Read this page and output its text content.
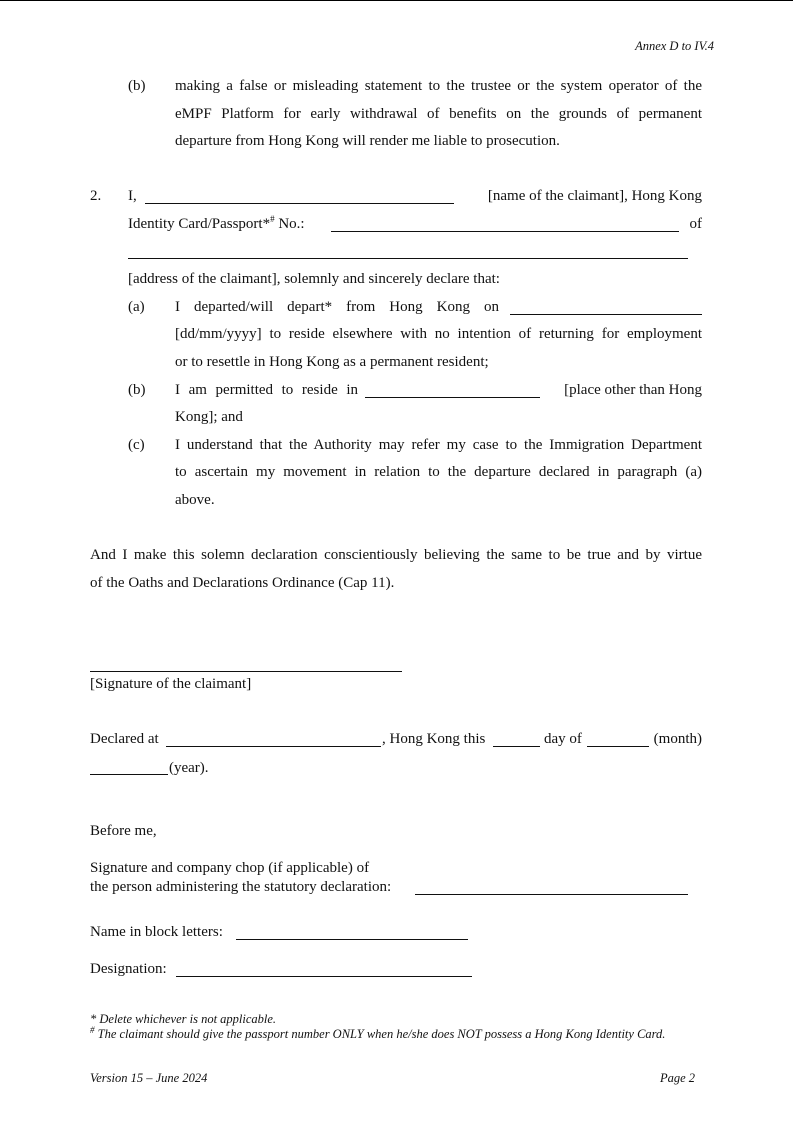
Annex D to IV.4
(b) making a false or misleading statement to the trustee or the system operator of the
eMPF Platform for early withdrawal of benefits on the grounds of permanent
departure from Hong Kong will render me liable to prosecution.
2. I,	[name of the claimant], Hong Kong
Identity Card/Passport*# No.:	of
[address of the claimant], solemnly and sincerely declare that:
(a) I departed/will depart* from Hong Kong on
[dd/mm/yyyy] to reside elsewhere with no intention of returning for employment
or to resettle in Hong Kong as a permanent resident;
(b) I am permitted to reside in	[place other than Hong
Kong]; and
(c) I understand that the Authority may refer my case to the Immigration Department
to ascertain my movement in relation to the departure declared in paragraph (a)
above.
And I make this solemn declaration conscientiously believing the same to be true and by virtue
of the Oaths and Declarations Ordinance (Cap 11).
[Signature of the claimant]
Declared at	, Hong Kong this	day of	(month)
(year).
Before me,
Signature and company chop (if applicable) of
the person administering the statutory declaration:
Name in block letters:
Designation:
* Delete whichever is not applicable.
# The claimant should give the passport number ONLY when he/she does NOT possess a Hong Kong Identity Card.
Version 15 – June 2024	Page 2
